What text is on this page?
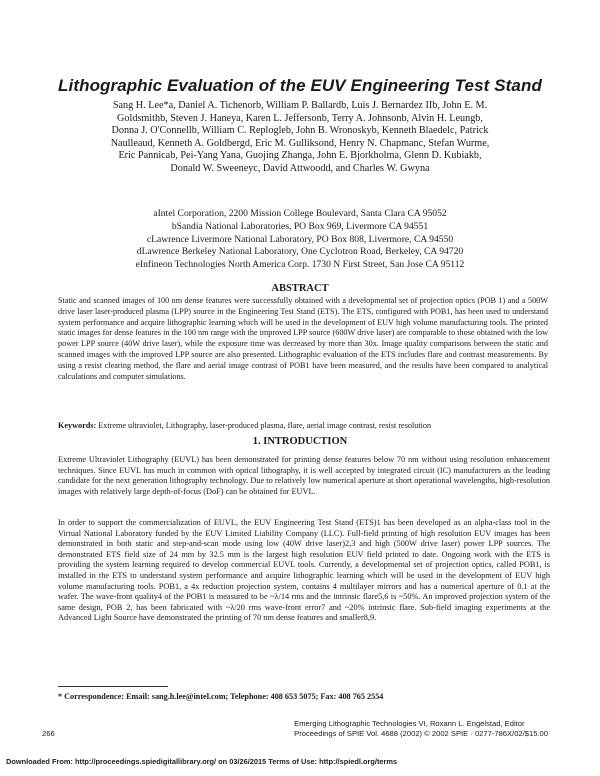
Lithographic Evaluation of the EUV Engineering Test Stand
Sang H. Lee*a, Daniel A. Tichenorb, William P. Ballardb, Luis J. Bernardez IIb, John E. M. Goldsmithb, Steven J. Haneya, Karen L. Jeffersonb, Terry A. Johnsonb, Alvin H. Leungb, Donna J. O'Connellb, William C. Replogleb, John B. Wronoskyb, Kenneth Blaedelc, Patrick Naulleaud, Kenneth A. Goldbergd, Eric M. Gulliksond, Henry N. Chapmanc, Stefan Wurme, Eric Pannicab, Pei-Yang Yana, Guojing Zhanga, John E. Bjorkholma, Glenn D. Kubiakb, Donald W. Sweeneyc, David Attwoodd, and Charles W. Gwyna
aIntel Corporation, 2200 Mission College Boulevard, Santa Clara CA 95052
bSandia National Laboratories, PO Box 969, Livermore CA 94551
cLawrence Livermore National Laboratory, PO Box 808, Livermore, CA 94550
dLawrence Berkeley National Laboratory, One Cyclotron Road, Berkeley, CA 94720
eInfineon Technologies North America Corp. 1730 N First Street, San Jose CA 95112
ABSTRACT

Static and scanned images of 100 nm dense features were successfully obtained with a developmental set of projection optics (POB 1) and a 500W drive laser laser-produced plasma (LPP) source in the Engineering Test Stand (ETS). The ETS, configured with POB1, has been used to understand system performance and acquire lithographic learning which will be used in the development of EUV high volume manufacturing tools. The printed static images for dense features in the 100 nm range with the improved LPP source (600W drive laser) are comparable to those obtained with the low power LPP source (40W drive laser), while the exposure time was decreased by more than 30x. Image quality comparisons between the static and scanned images with the improved LPP source are also presented. Lithographic evaluation of the ETS includes flare and contrast measurements. By using a resist clearing method, the flare and aerial image contrast of POB1 have been measured, and the results have been compared to analytical calculations and computer simulations.

Keywords: Extreme ultraviolet, Lithography, laser-produced plasma, flare, aerial image contrast, resist resolution

1. INTRODUCTION

Extreme Ultraviolet Lithography (EUVL) has been demonstrated for printing dense features below 70 nm without using resolution enhancement techniques. Since EUVL has much in common with optical lithography, it is well accepted by integrated circuit (IC) manufacturers as the leading candidate for the next generation lithography technology. Due to relatively low numerical aperture at short operational wavelengths, high-resolution images with relatively large depth-of-focus (DoF) can be obtained for EUVL.

In order to support the commercialization of EUVL, the EUV Engineering Test Stand (ETS)1 has been developed as an alpha-class tool in the Virtual National Laboratory funded by the EUV Limited Liability Company (LLC). Full-field printing of high resolution EUV images has been demonstrated in both static and step-and-scan mode using low (40W drive laser)2,3 and high (500W drive laser) power LPP sources. The demonstrated ETS field size of 24 mm by 32.5 mm is the largest high resolution EUV field printed to date. Ongoing work with the ETS is providing the system learning required to develop commercial EUVL tools. Currently, a developmental set of projection optics, called POB1, is installed in the ETS to understand system performance and acquire lithographic learning which will be used in the development of EUV high volume manufacturing tools. POB1, a 4x reduction projection system, contains 4 multilayer mirrors and has a numerical aperture of 0.1 at the wafer. The wave-front quality4 of the POB1 is measured to be ~λ/14 rms and the intrinsic flare5,6 is ~50%. An improved projection system of the same design, POB 2, has been fabricated with ~λ/20 rms wave-front error7 and ~20% intrinsic flare. Sub-field imaging experiments at the Advanced Light Source have demonstrated the printing of 70 nm dense features and smaller8,9.

* Correspondence: Email: sang.h.lee@intel.com; Telephone: 408 653 5075; Fax: 408 765 2554
266
Emerging Lithographic Technologies VI, Roxann L. Engelstad, Editor
Proceedings of SPIE Vol. 4688 (2002) © 2002 SPIE · 0277-786X/02/$15.00
Downloaded From: http://proceedings.spiedigitallibrary.org/ on 03/26/2015 Terms of Use: http://spiedl.org/terms
